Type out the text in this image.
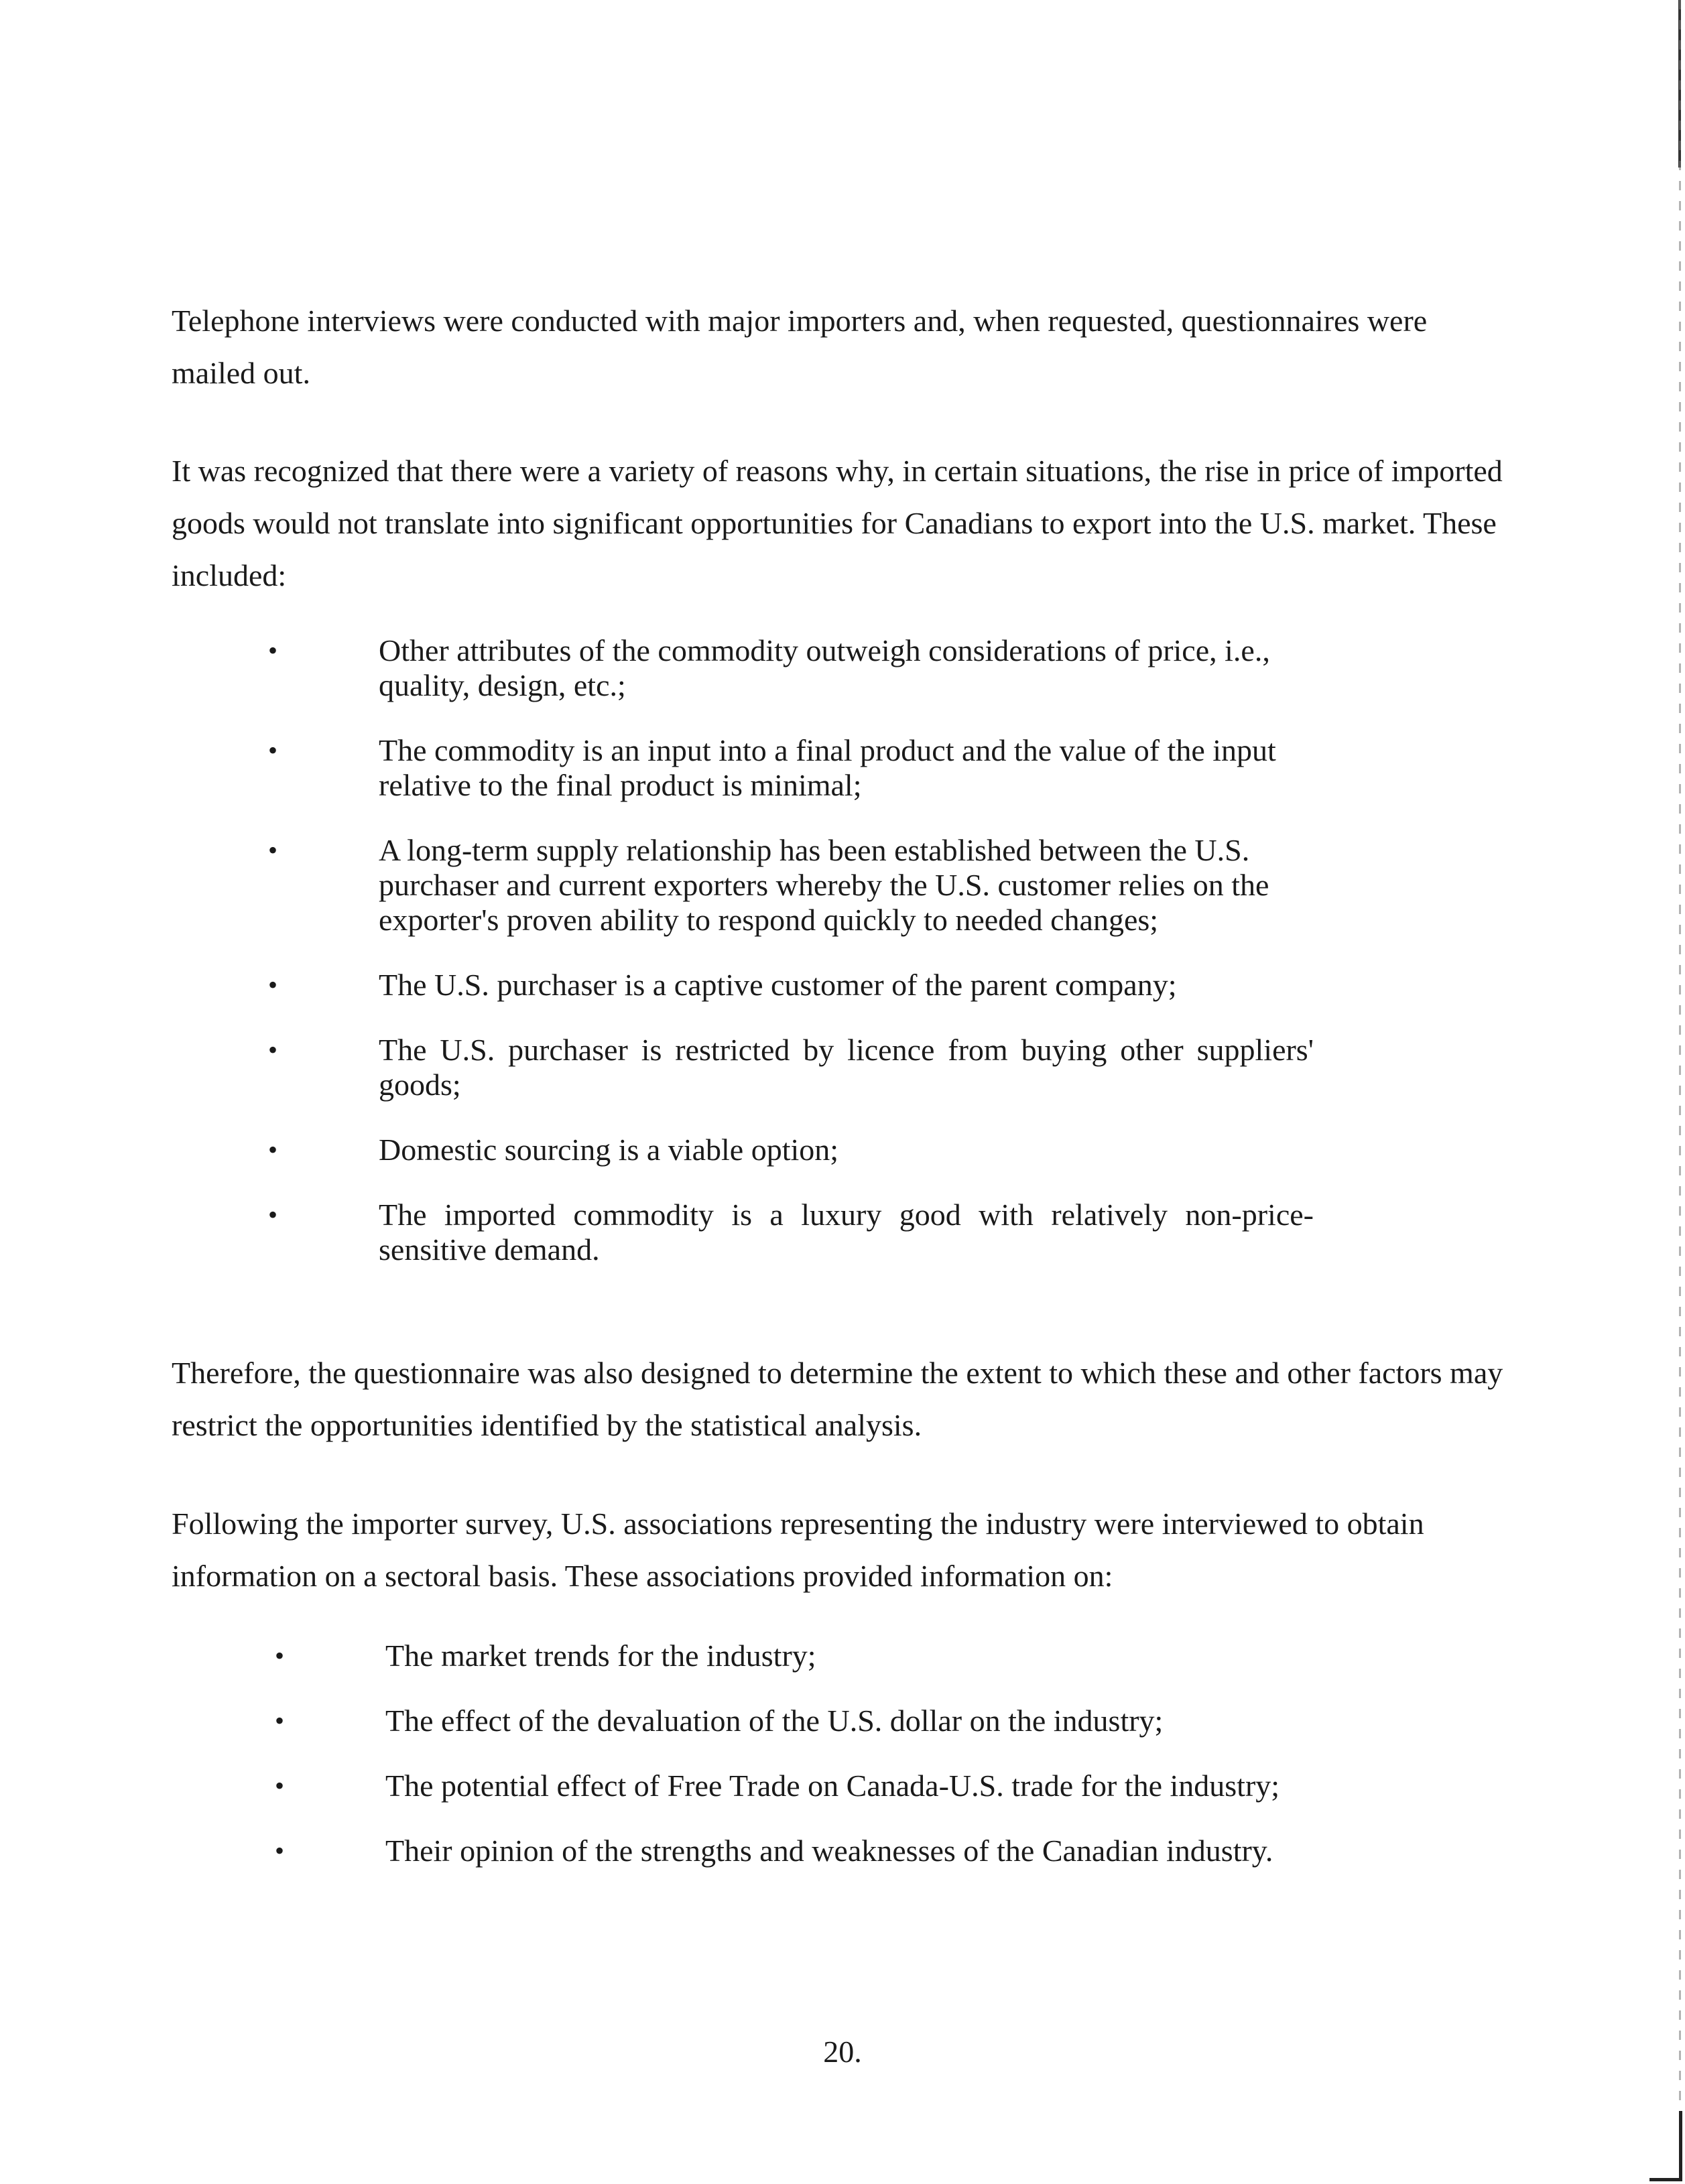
Telephone interviews were conducted with major importers and, when requested, questionnaires were mailed out.

It was recognized that there were a variety of reasons why, in certain situations, the rise in price of imported goods would not translate into significant opportunities for Canadians to export into the U.S. market. These included:

•	Other attributes of the commodity outweigh considerations of price, i.e., quality, design, etc.;
•	The commodity is an input into a final product and the value of the input relative to the final product is minimal;
•	A long-term supply relationship has been established between the U.S. purchaser and current exporters whereby the U.S. customer relies on the exporter's proven ability to respond quickly to needed changes;
•	The U.S. purchaser is a captive customer of the parent company;
•	The U.S. purchaser is restricted by licence from buying other suppliers' goods;
•	Domestic sourcing is a viable option;
•	The imported commodity is a luxury good with relatively non-price-sensitive demand.

Therefore, the questionnaire was also designed to determine the extent to which these and other factors may restrict the opportunities identified by the statistical analysis.

Following the importer survey, U.S. associations representing the industry were interviewed to obtain information on a sectoral basis. These associations provided information on:

•	The market trends for the industry;
•	The effect of the devaluation of the U.S. dollar on the industry;
•	The potential effect of Free Trade on Canada-U.S. trade for the industry;
•	Their opinion of the strengths and weaknesses of the Canadian industry.
20.
